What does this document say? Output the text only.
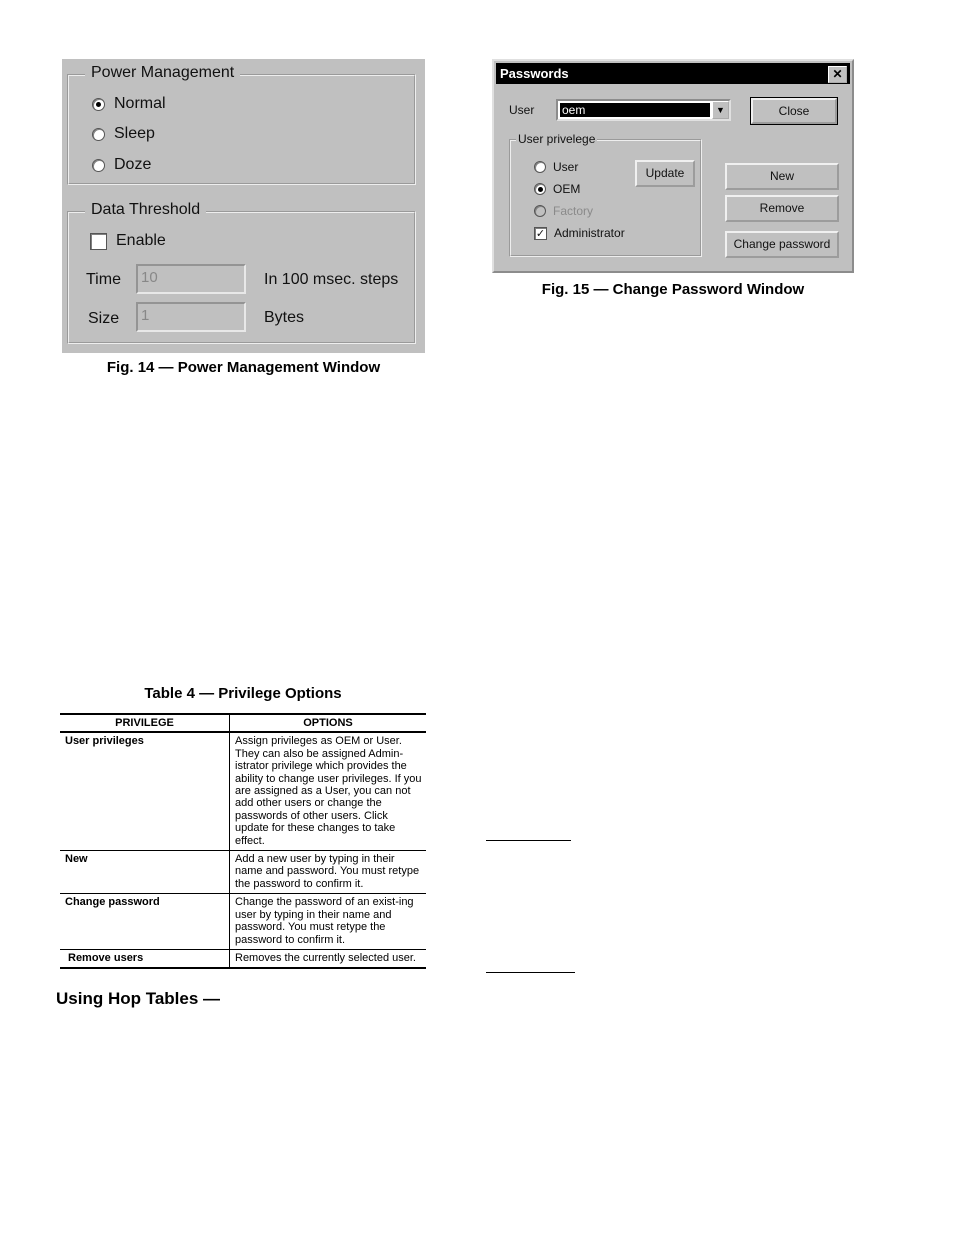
Power Management
Normal
Sleep
Doze
Data Threshold
Enable
Time	10	In 100 msec. steps
Size	1	Bytes
Fig. 14 — Power Management Window
Passwords	✕
User oem	▼	Close
User privelege
User
OEM
Factory
✓ Administrator
Update	New
Remove
Change password
Fig. 15 — Change Password Window
Table 4 — Privilege Options
PRIVILEGE	OPTIONS
User privileges	Assign privileges as OEM or User. They can also be assigned Admin-istrator privilege which provides the ability to change user privileges. If you are assigned as a User, you can not add other users or change the passwords of other users. Click update for these changes to take effect.
New	Add a new user by typing in their name and password. You must retype the password to confirm it.
Change password	Change the password of an exist-ing user by typing in their name and password. You must retype the password to confirm it.
Remove users	Removes the currently selected user.
Using Hop Tables —
